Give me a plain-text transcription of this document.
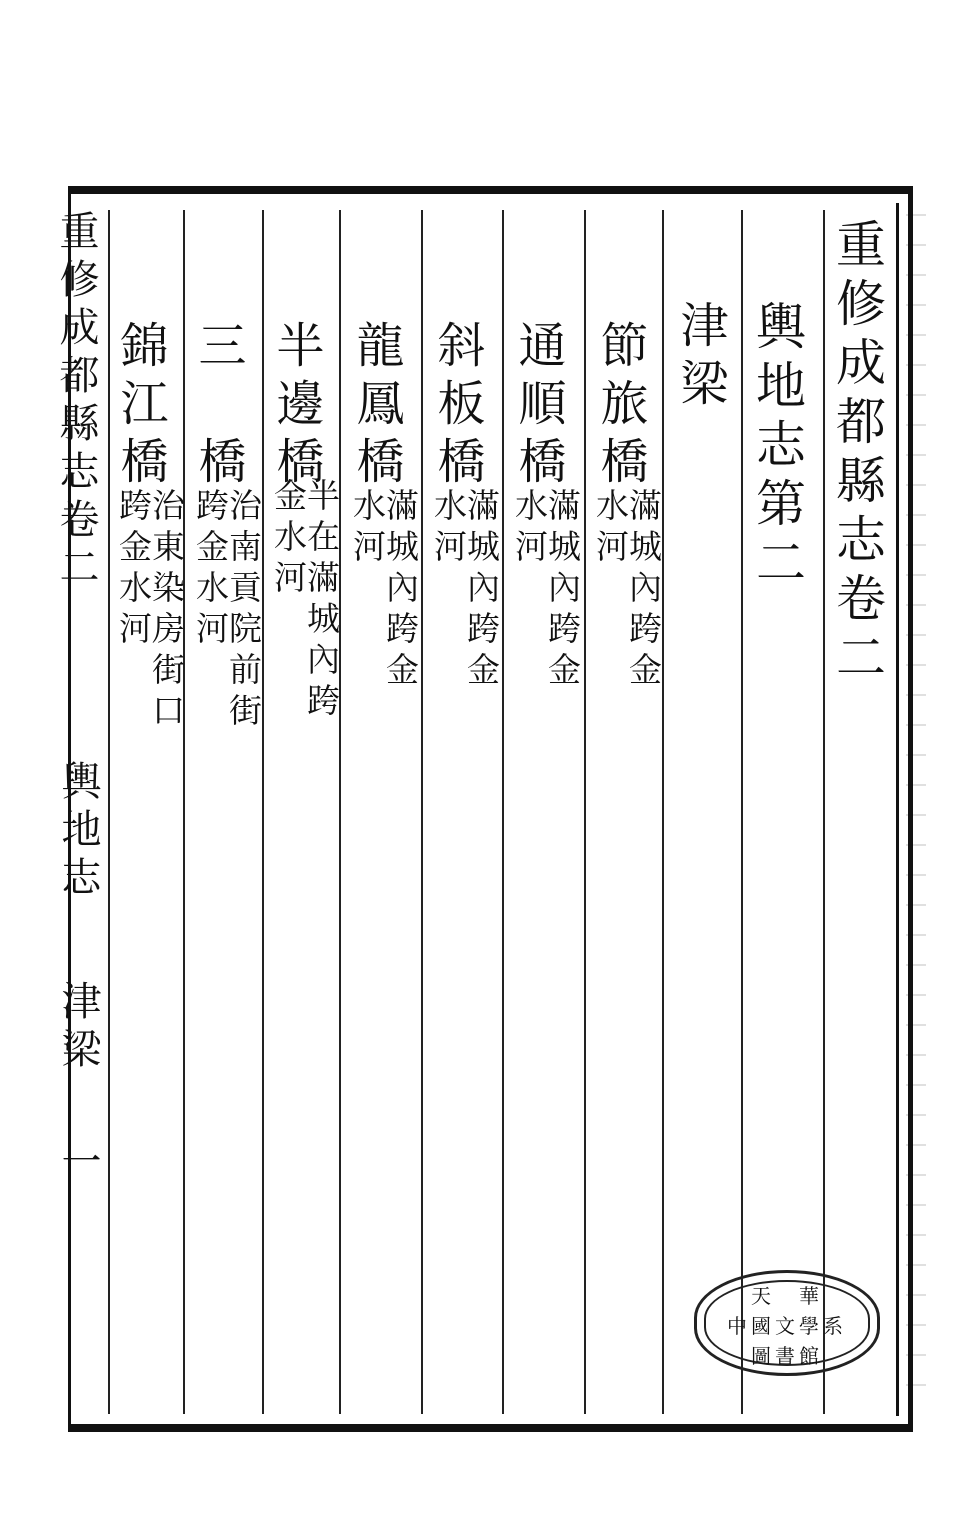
重修成都縣志卷二
輿地志第二
津梁
節旅橋
滿城內跨金水河
通順橋
滿城內跨金水河
斜板橋
滿城內跨金水河
龍鳳橋
滿城內跨金水河
半邊橋
半在滿城內跨金水河
三　橋
治南貢院前街跨金水河
錦江橋
治東染房街口跨金水河
重修成都縣志卷二
輿地志
津梁
一
天　 華
中國文學系
圖書館
